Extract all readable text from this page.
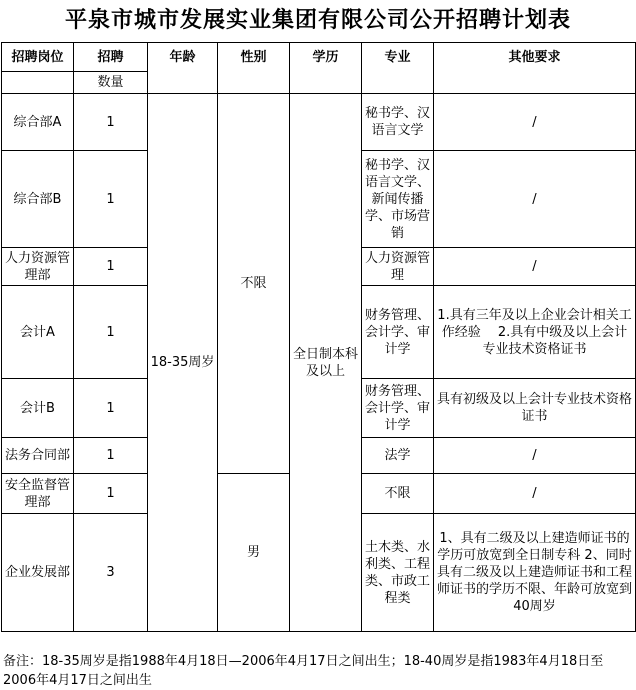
平泉市城市发展实业集团有限公司公开招聘计划表
招聘岗位	招聘	年龄	性别	学历	专业	其他要求
	数量					
综合部A	1	18-35周岁	不限	全日制本科及以上	秘书学、汉语言文学	/
综合部B	1				秘书学、汉语言文学、新闻传播学、市场营销	/
人力资源管理部	1				人力资源管理	/
会计A	1				财务管理、会计学、审计学	1.具有三年及以上企业会计相关工作经验　 2.具有中级及以上会计专业技术资格证书
会计B	1				财务管理、会计学、审计学	具有初级及以上会计专业技术资格证书
法务合同部	1				法学	/
安全监督管理部	1		男		不限	/
企业发展部	3				土木类、水利类、工程类、市政工程类	1、具有二级及以上建造师证书的学历可放宽到全日制专科 2、同时具有二级及以上建造师证书和工程师证书的学历不限、年龄可放宽到40周岁
备注：18-35周岁是指1988年4月18日—2006年4月17日之间出生；18-40周岁是指1983年4月18日至2006年4月17日之间出生
